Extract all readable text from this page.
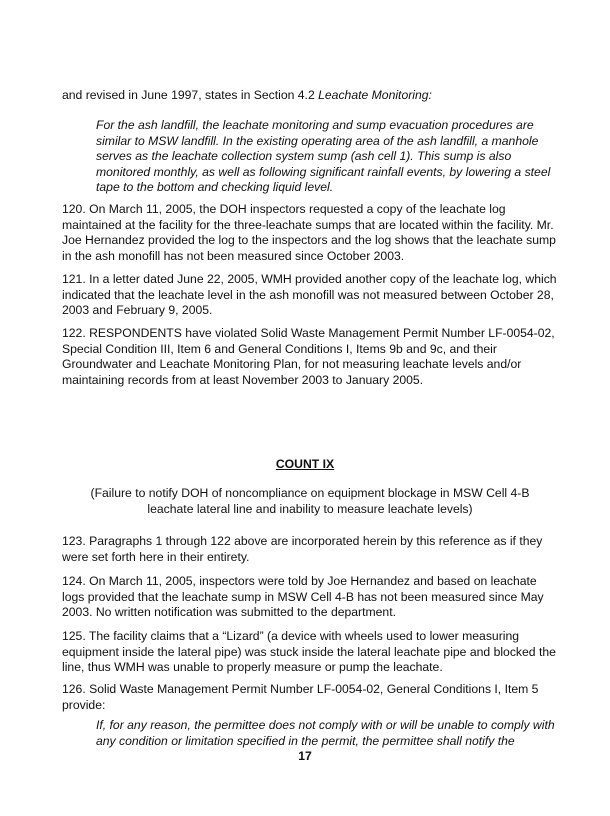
and revised in June 1997, states in Section 4.2 Leachate Monitoring:

For the ash landfill, the leachate monitoring and sump evacuation procedures are similar to MSW landfill. In the existing operating area of the ash landfill, a manhole serves as the leachate collection system sump (ash cell 1). This sump is also monitored monthly, as well as following significant rainfall events, by lowering a steel tape to the bottom and checking liquid level.

120. On March 11, 2005, the DOH inspectors requested a copy of the leachate log maintained at the facility for the three-leachate sumps that are located within the facility. Mr. Joe Hernandez provided the log to the inspectors and the log shows that the leachate sump in the ash monofill has not been measured since October 2003.

121. In a letter dated June 22, 2005, WMH provided another copy of the leachate log, which indicated that the leachate level in the ash monofill was not measured between October 28, 2003 and February 9, 2005.

122. RESPONDENTS have violated Solid Waste Management Permit Number LF-0054-02, Special Condition III, Item 6 and General Conditions I, Items 9b and 9c, and their Groundwater and Leachate Monitoring Plan, for not measuring leachate levels and/or maintaining records from at least November 2003 to January 2005.

COUNT IX

(Failure to notify DOH of noncompliance on equipment blockage in MSW Cell 4-B leachate lateral line and inability to measure leachate levels)

123. Paragraphs 1 through 122 above are incorporated herein by this reference as if they were set forth here in their entirety.

124. On March 11, 2005, inspectors were told by Joe Hernandez and based on leachate logs provided that the leachate sump in MSW Cell 4-B has not been measured since May 2003. No written notification was submitted to the department.

125. The facility claims that a “Lizard” (a device with wheels used to lower measuring equipment inside the lateral pipe) was stuck inside the lateral leachate pipe and blocked the line, thus WMH was unable to properly measure or pump the leachate.

126. Solid Waste Management Permit Number LF-0054-02, General Conditions I, Item 5 provide:

If, for any reason, the permittee does not comply with or will be unable to comply with any condition or limitation specified in the permit, the permittee shall notify the

17
